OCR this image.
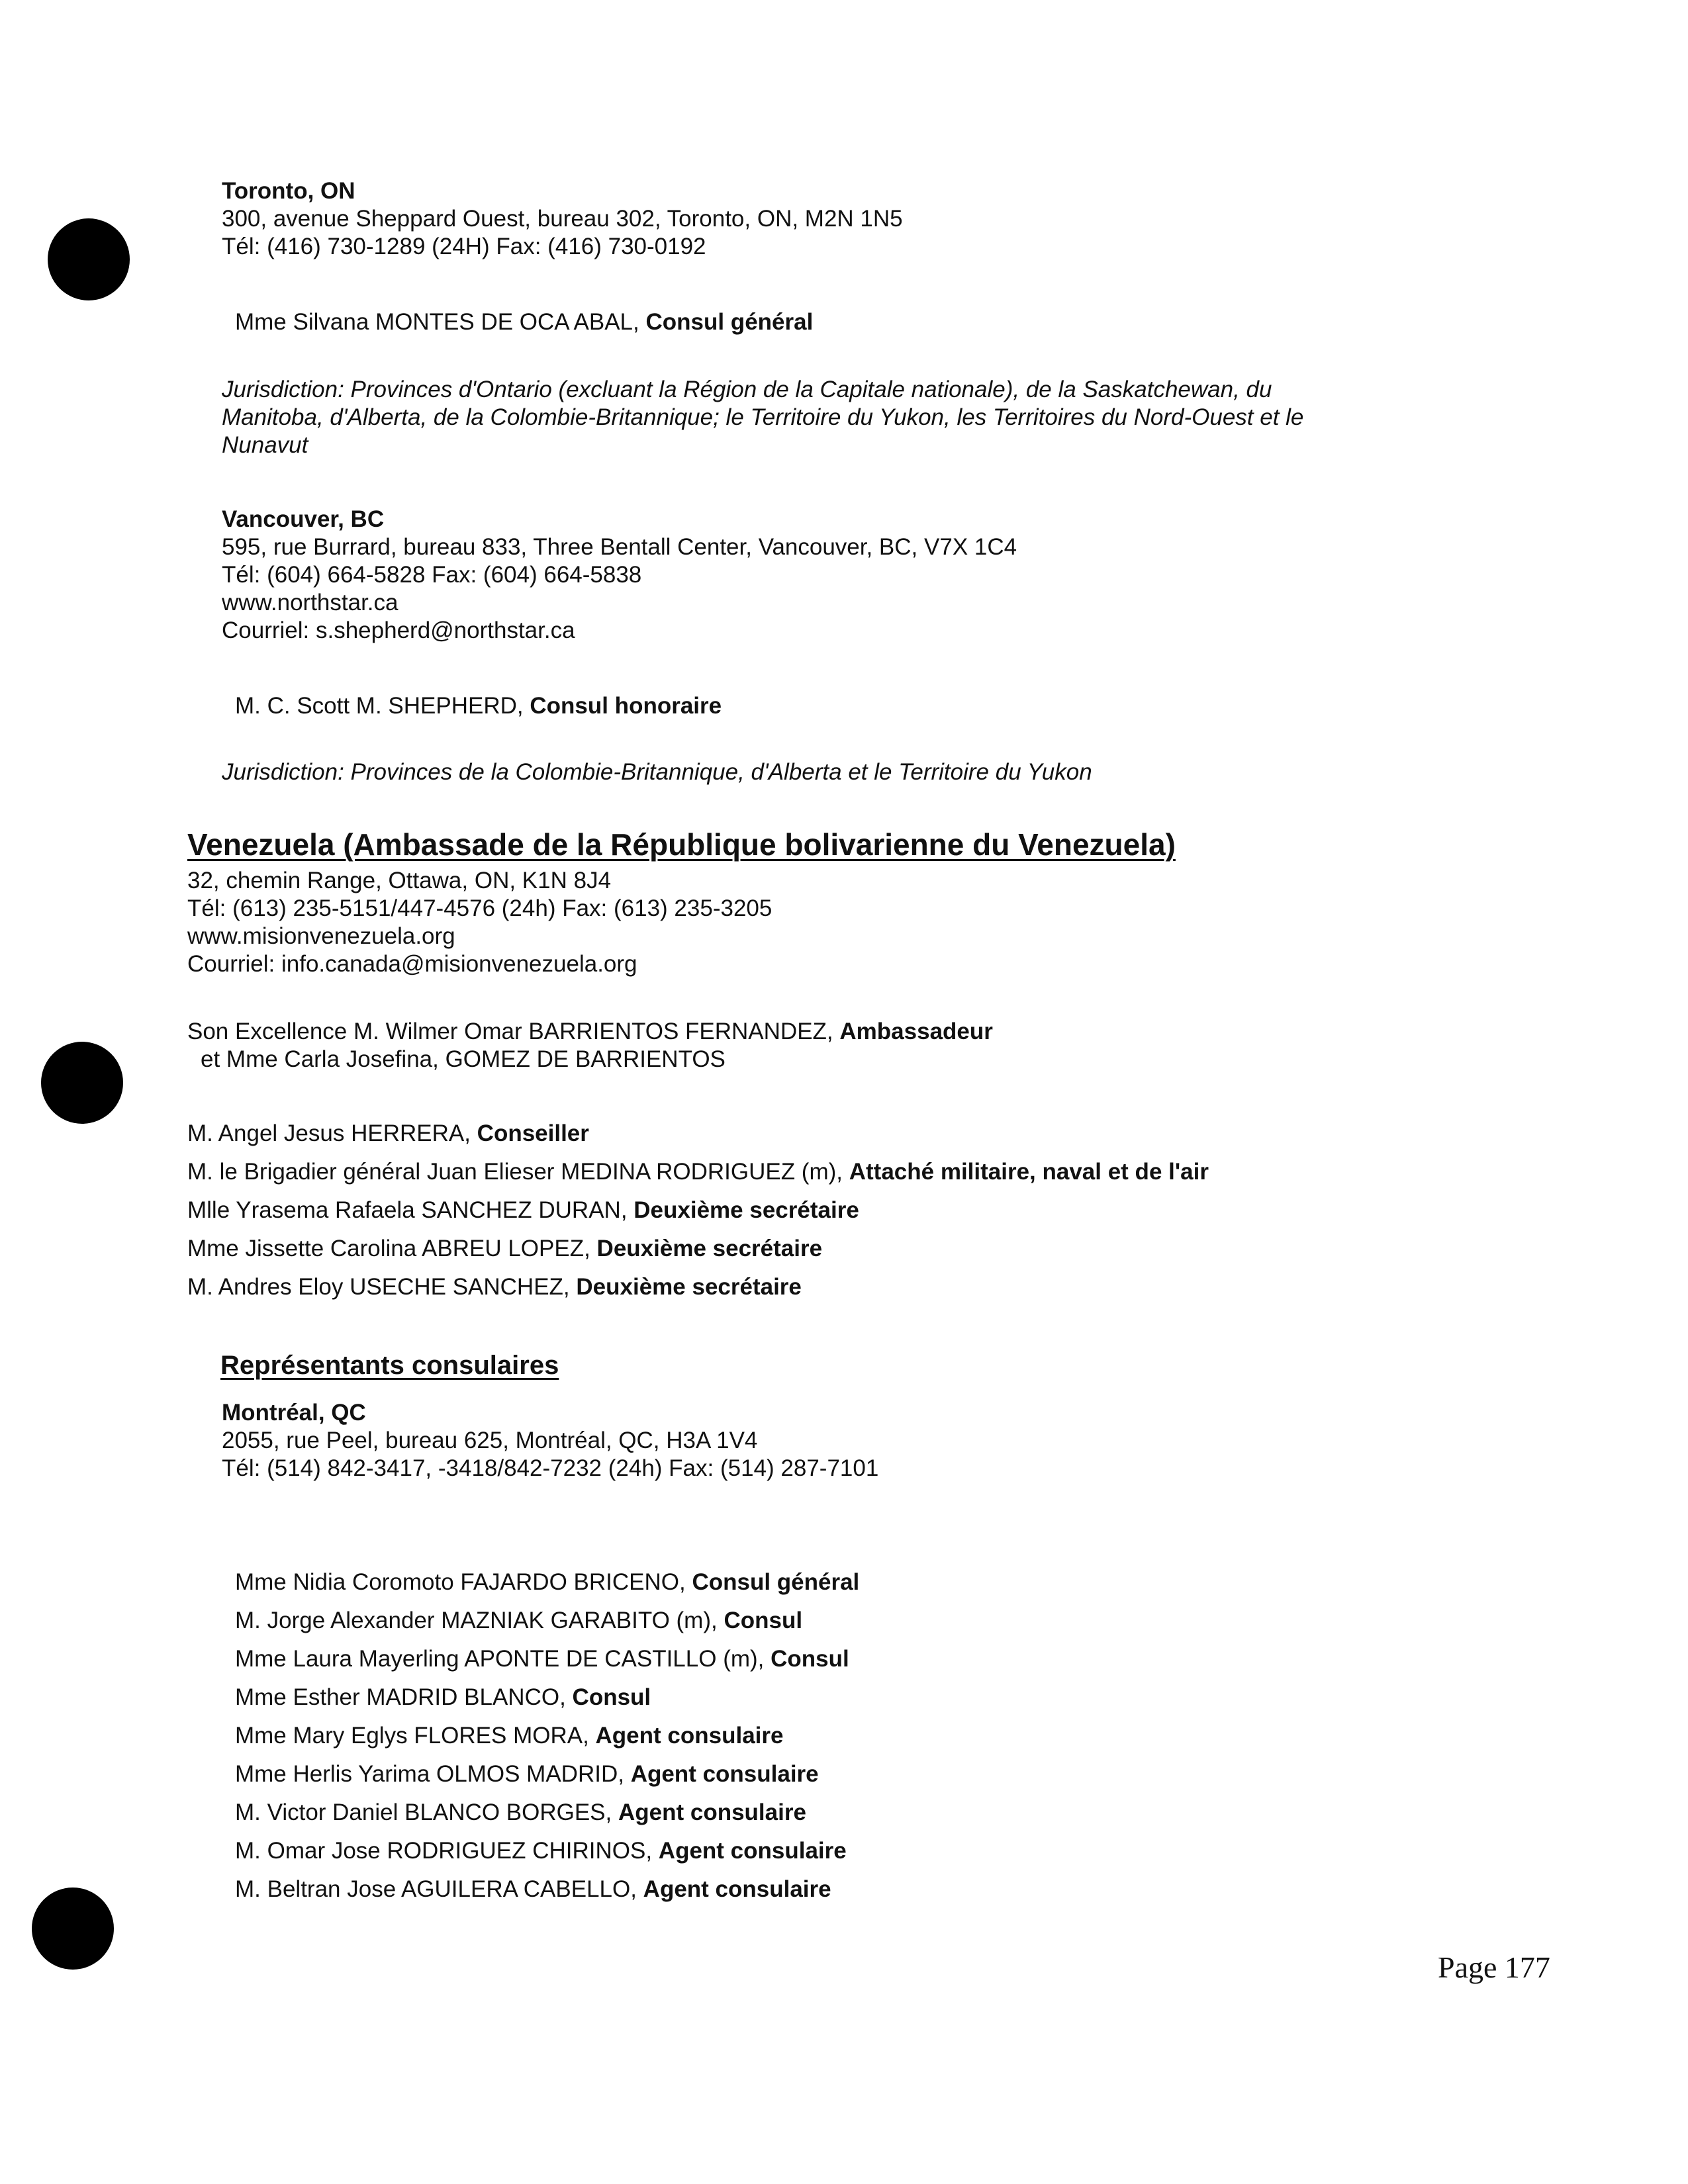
Toronto, ON
300, avenue Sheppard Ouest, bureau 302, Toronto, ON, M2N 1N5
Tél: (416) 730-1289 (24H) Fax: (416) 730-0192
Mme Silvana MONTES DE OCA ABAL, Consul général
Jurisdiction: Provinces d'Ontario (excluant la Région de la Capitale nationale), de la Saskatchewan, du
Manitoba, d'Alberta, de la Colombie-Britannique; le Territoire du Yukon, les Territoires du Nord-Ouest et le
Nunavut
Vancouver, BC
595, rue Burrard, bureau 833, Three Bentall Center, Vancouver, BC, V7X 1C4
Tél: (604) 664-5828 Fax: (604) 664-5838
www.northstar.ca
Courriel: s.shepherd@northstar.ca
M. C. Scott M. SHEPHERD, Consul honoraire
Jurisdiction: Provinces de la Colombie-Britannique, d'Alberta et le Territoire du Yukon
Venezuela (Ambassade de la République bolivarienne du Venezuela)
32, chemin Range, Ottawa, ON, K1N 8J4
Tél: (613) 235-5151/447-4576 (24h) Fax: (613) 235-3205
www.misionvenezuela.org
Courriel: info.canada@misionvenezuela.org
Son Excellence M. Wilmer Omar BARRIENTOS FERNANDEZ, Ambassadeur
et Mme Carla Josefina, GOMEZ DE BARRIENTOS
M. Angel Jesus HERRERA, Conseiller
M. le Brigadier général Juan Elieser MEDINA RODRIGUEZ (m), Attaché militaire, naval et de l'air
Mlle Yrasema Rafaela SANCHEZ DURAN, Deuxième secrétaire
Mme Jissette Carolina ABREU LOPEZ, Deuxième secrétaire
M. Andres Eloy USECHE SANCHEZ, Deuxième secrétaire
Représentants consulaires
Montréal, QC
2055, rue Peel, bureau 625, Montréal, QC, H3A 1V4
Tél: (514) 842-3417, -3418/842-7232 (24h) Fax: (514) 287-7101
Mme Nidia Coromoto FAJARDO BRICENO, Consul général
M. Jorge Alexander MAZNIAK GARABITO (m), Consul
Mme Laura Mayerling APONTE DE CASTILLO (m), Consul
Mme Esther MADRID BLANCO, Consul
Mme Mary Eglys FLORES MORA, Agent consulaire
Mme Herlis Yarima OLMOS MADRID, Agent consulaire
M. Victor Daniel BLANCO BORGES, Agent consulaire
M. Omar Jose RODRIGUEZ CHIRINOS, Agent consulaire
M. Beltran Jose AGUILERA CABELLO, Agent consulaire
Page 177
